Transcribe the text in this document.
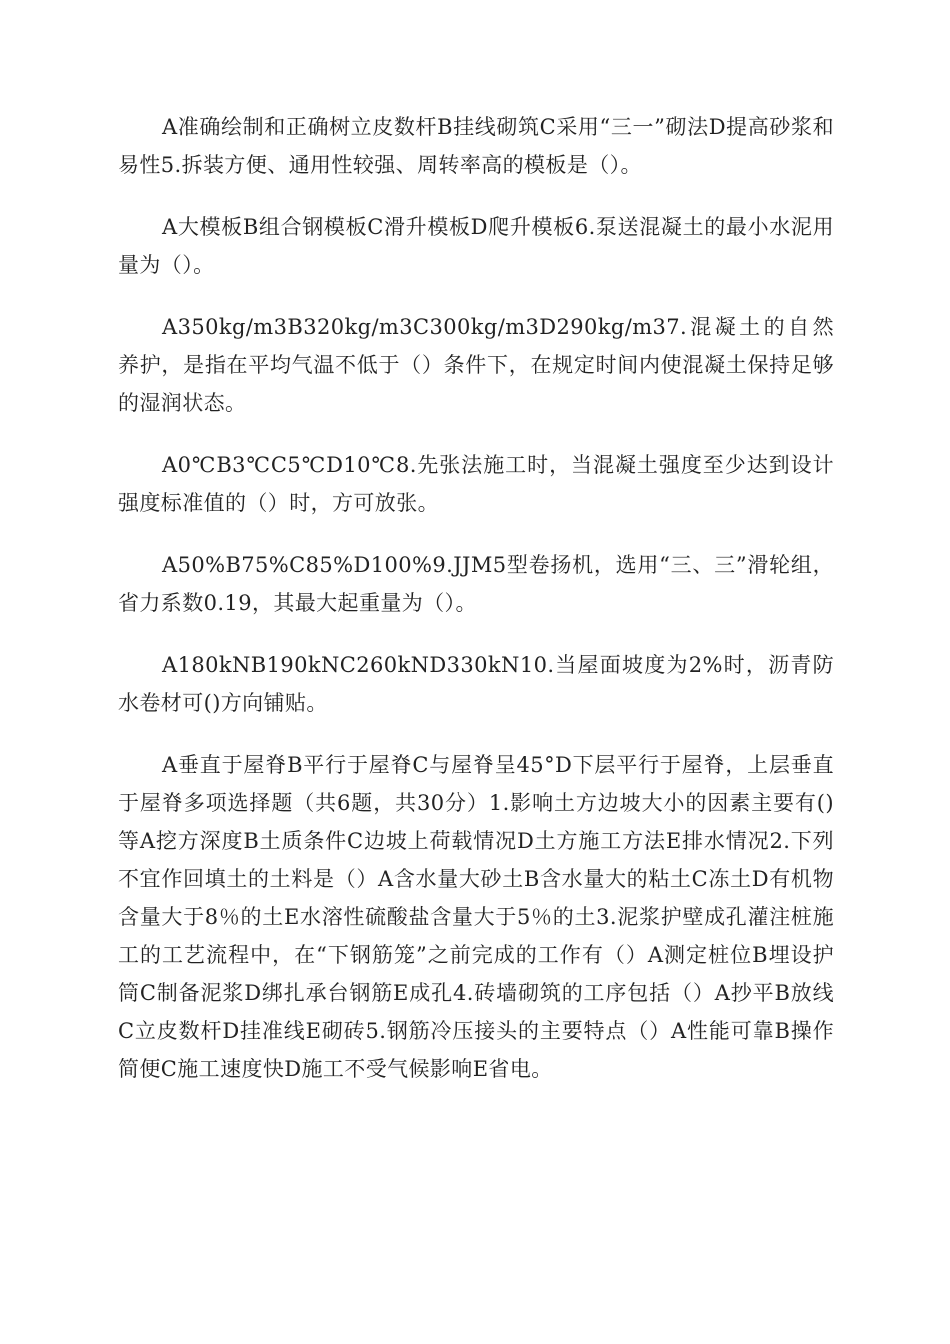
A准确绘制和正确树立皮数杆B挂线砌筑C采用“三一”砌法D提高砂浆和易性5.拆装方便、通用性较强、周转率高的模板是（）。

A大模板B组合钢模板C滑升模板D爬升模板6.泵送混凝土的最小水泥用量为（）。

A350kg/m3B320kg/m3C300kg/m3D290kg/m37.混凝土的自然养护，是指在平均气温不低于（）条件下，在规定时间内使混凝土保持足够的湿润状态。

A0℃B3℃C5℃D10℃8.先张法施工时，当混凝土强度至少达到设计强度标准值的（）时，方可放张。

A50%B75%C85%D100%9.JJM5型卷扬机，选用“三、三”滑轮组，省力系数0.19，其最大起重量为（）。

A180kNB190kNC260kND330kN10.当屋面坡度为2%时，沥青防水卷材可()方向铺贴。

A垂直于屋脊B平行于屋脊C与屋脊呈45°D下层平行于屋脊，上层垂直于屋脊多项选择题（共6题，共30分）1.影响土方边坡大小的因素主要有()等A挖方深度B土质条件C边坡上荷载情况D土方施工方法E排水情况2.下列不宜作回填土的土料是（）A含水量大砂土B含水量大的粘土C冻土D有机物含量大于8％的土E水溶性硫酸盐含量大于5％的土3.泥浆护壁成孔灌注桩施工的工艺流程中，在“下钢筋笼”之前完成的工作有（）A测定桩位B埋设护筒C制备泥浆D绑扎承台钢筋E成孔4.砖墙砌筑的工序包括（）A抄平B放线C立皮数杆D挂准线E砌砖5.钢筋冷压接头的主要特点（）A性能可靠B操作简便C施工速度快D施工不受气候影响E省电。
